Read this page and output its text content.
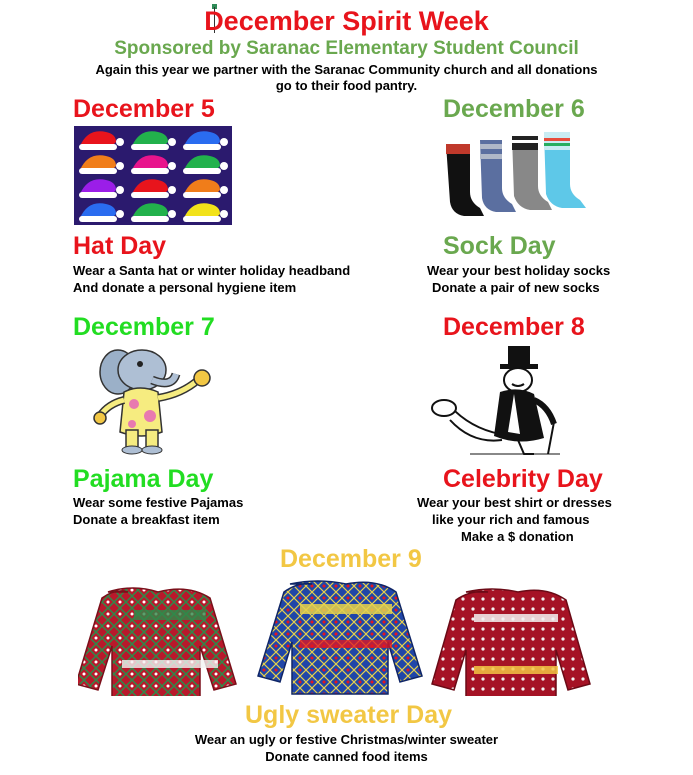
December Spirit Week
Sponsored by Saranac Elementary Student Council
Again this year we partner with the Saranac Community church and all donations
go to their food pantry.
December 5
Hat Day
Wear a Santa hat or winter holiday headband
And donate a personal hygiene item
December 6
Sock Day
Wear your best holiday socks
Donate a pair of new socks
December 7
Pajama Day
Wear some festive Pajamas
Donate a breakfast item
December 8
Celebrity Day
Wear your best shirt or dresses
like your rich and famous
Make a $ donation
December 9
Ugly sweater Day
Wear an ugly or festive Christmas/winter sweater
Donate canned food items
